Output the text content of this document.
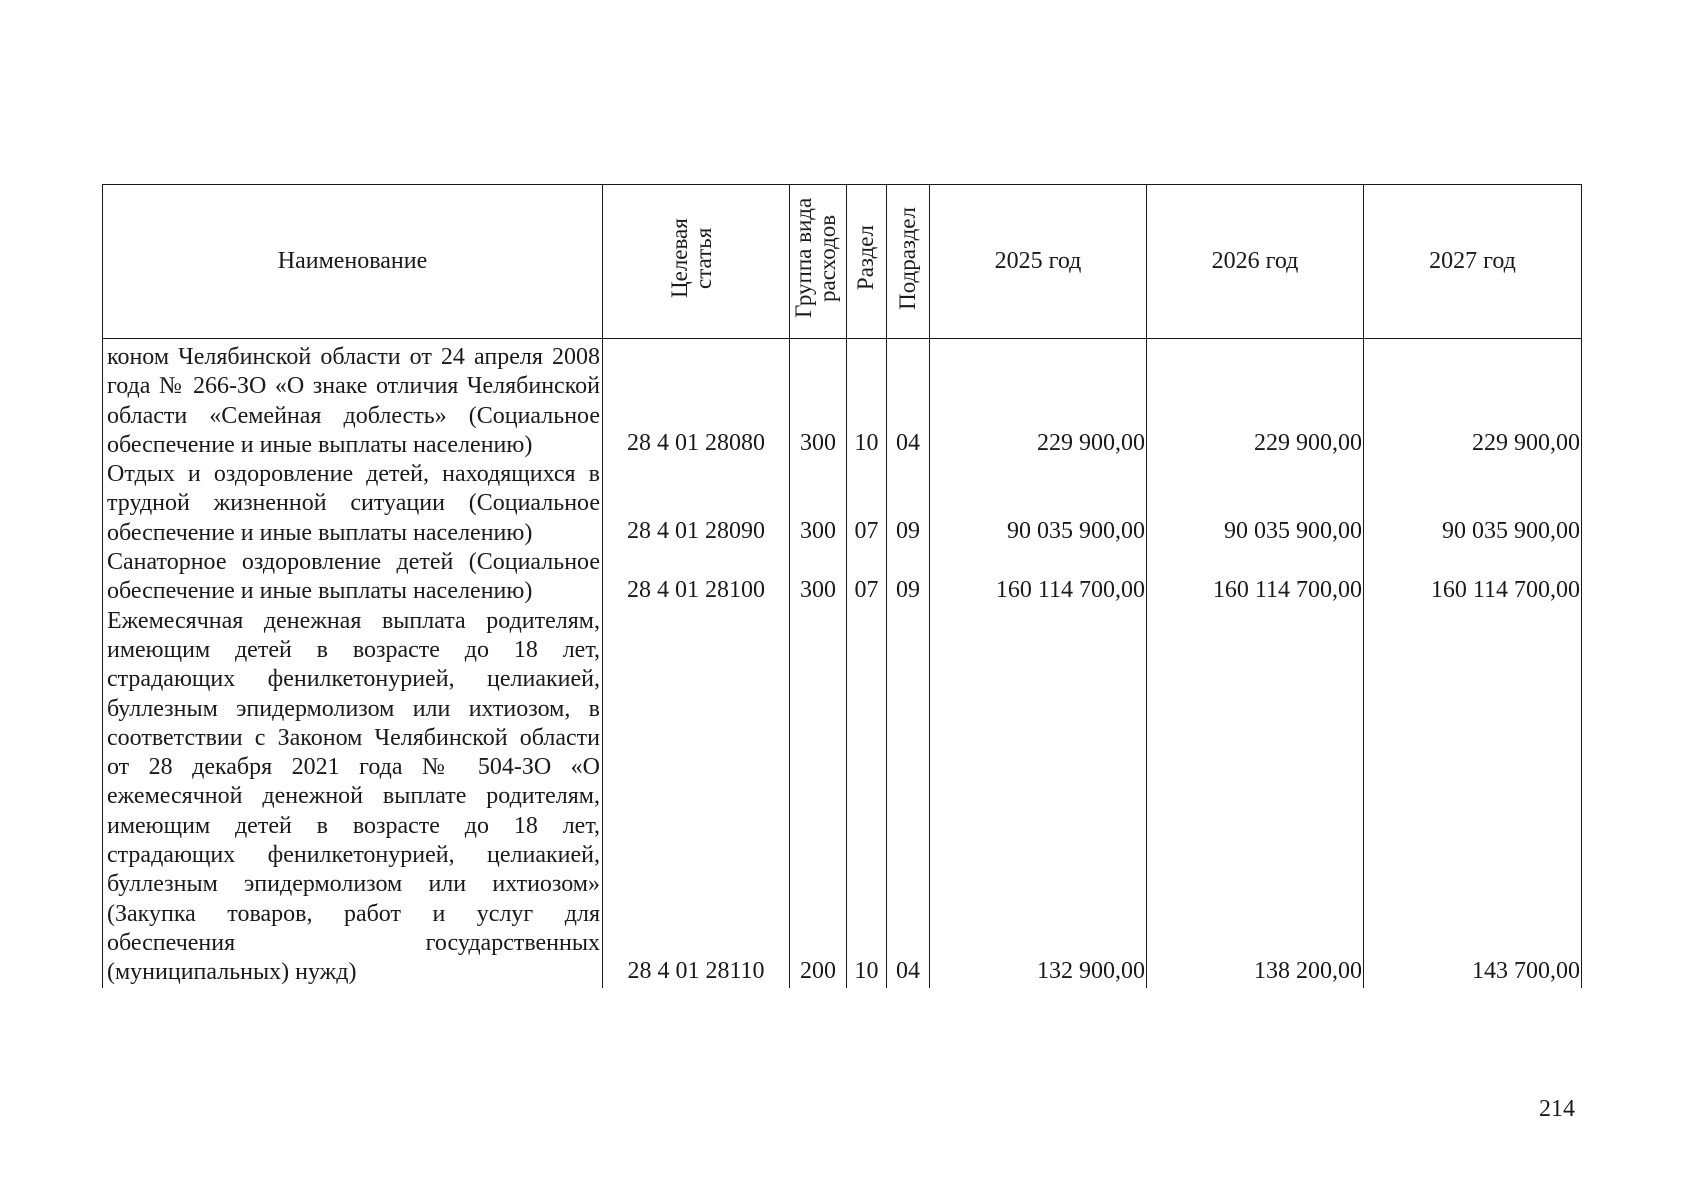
Наименование	Целевая статья	Группа вида расходов	Раздел	Подраздел	2025 год	2026 год	2027 год
коном Челябинской области от 24 апреля 2008 года № 266-ЗО «О знаке отличия Челябинской области «Семейная доблесть» (Социальное обеспечение и иные выплаты населению)	28 4 01 28080	300	10	04	229 900,00	229 900,00	229 900,00
Отдых и оздоровление детей, находящихся в трудной жизненной ситуации (Социальное обеспечение и иные выплаты населению)	28 4 01 28090	300	07	09	90 035 900,00	90 035 900,00	90 035 900,00
Санаторное оздоровление детей (Социальное обеспечение и иные выплаты населению)	28 4 01 28100	300	07	09	160 114 700,00	160 114 700,00	160 114 700,00
Ежемесячная денежная выплата родителям, имеющим детей в возрасте до 18 лет, страдающих фенилкетонурией, целиакией, буллезным эпидермолизом или ихтиозом, в соответствии с Законом Челябинской области от 28 декабря 2021 года № 504-ЗО «О ежемесячной денежной выплате родителям, имеющим детей в возрасте до 18 лет, страдающих фенилкетонурией, целиакией, буллезным эпидермолизом или ихтиозом» (Закупка товаров, работ и услуг для обеспечения государственных (муниципальных) нужд)	28 4 01 28110	200	10	04	132 900,00	138 200,00	143 700,00
214
